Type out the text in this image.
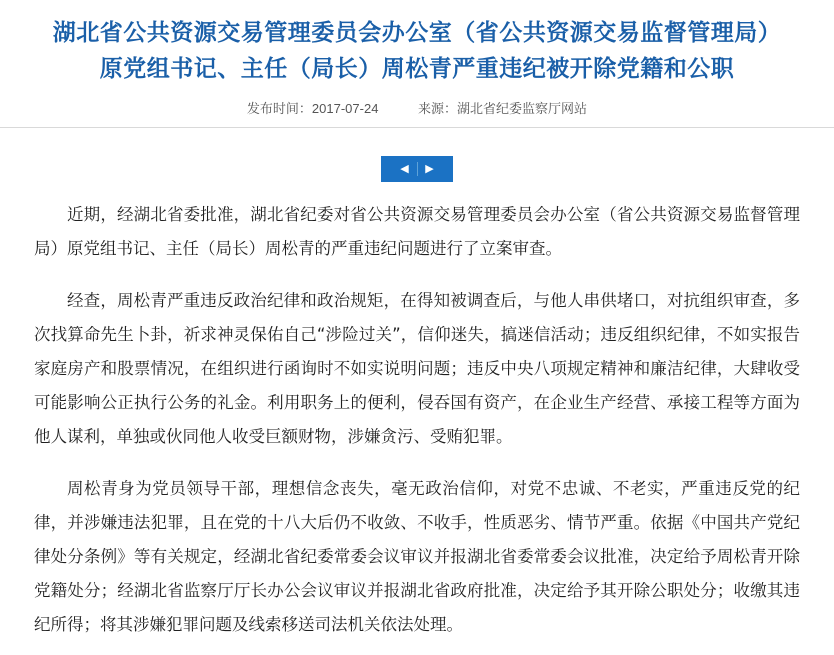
湖北省公共资源交易管理委员会办公室（省公共资源交易监督管理局）
原党组书记、主任（局长）周松青严重违纪被开除党籍和公职
发布时间：2017-07-24	来源：湖北省纪委监察厅网站
◀	▶

近期，经湖北省委批准，湖北省纪委对省公共资源交易管理委员会办公室（省公共资源交易监督管理局）原党组书记、主任（局长）周松青的严重违纪问题进行了立案审查。

经查，周松青严重违反政治纪律和政治规矩，在得知被调查后，与他人串供堵口，对抗组织审查，多次找算命先生卜卦，祈求神灵保佑自己“涉险过关”，信仰迷失，搞迷信活动；违反组织纪律，不如实报告家庭房产和股票情况，在组织进行函询时不如实说明问题；违反中央八项规定精神和廉洁纪律，大肆收受可能影响公正执行公务的礼金。利用职务上的便利，侵吞国有资产，在企业生产经营、承接工程等方面为他人谋利，单独或伙同他人收受巨额财物，涉嫌贪污、受贿犯罪。

周松青身为党员领导干部，理想信念丧失，毫无政治信仰，对党不忠诚、不老实，严重违反党的纪律，并涉嫌违法犯罪，且在党的十八大后仍不收敛、不收手，性质恶劣、情节严重。依据《中国共产党纪律处分条例》等有关规定，经湖北省纪委常委会议审议并报湖北省委常委会议批准，决定给予周松青开除党籍处分；经湖北省监察厅厅长办公会议审议并报湖北省政府批准，决定给予其开除公职处分；收缴其违纪所得；将其涉嫌犯罪问题及线索移送司法机关依法处理。
